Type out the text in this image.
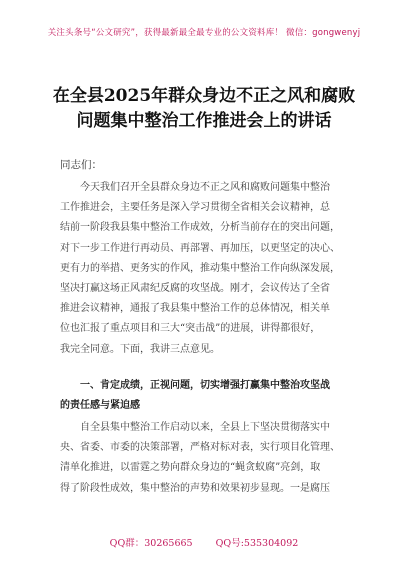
关注头条号“公文研究”，获得最新最全最专业的公文资料库！ 微信：gongwenyj
在全县2025年群众身边不正之风和腐败
问题集中整治工作推进会上的讲话
同志们：
今天我们召开全县群众身边不正之风和腐败问题集中整治
工作推进会，主要任务是深入学习贯彻全省相关会议精神，总
结前一阶段我县集中整治工作成效，分析当前存在的突出问题，
对下一步工作进行再动员、再部署、再加压，以更坚定的决心、
更有力的举措、更务实的作风，推动集中整治工作向纵深发展，
坚决打赢这场正风肃纪反腐的攻坚战。刚才，会议传达了全省
推进会议精神，通报了我县集中整治工作的总体情况，相关单
位也汇报了重点项目和三大“突击战”的进展，讲得都很好，
我完全同意。下面，我讲三点意见。
一、肯定成绩，正视问题，切实增强打赢集中整治攻坚战
的责任感与紧迫感
自全县集中整治工作启动以来，全县上下坚决贯彻落实中
央、省委、市委的决策部署，严格对标对表，实行项目化管理、
清单化推进，以雷霆之势向群众身边的“蝇贪蚁腐”亮剑，取
得了阶段性成效，集中整治的声势和效果初步显现。一是腐压
QQ群：30265665 QQ号:535304092
